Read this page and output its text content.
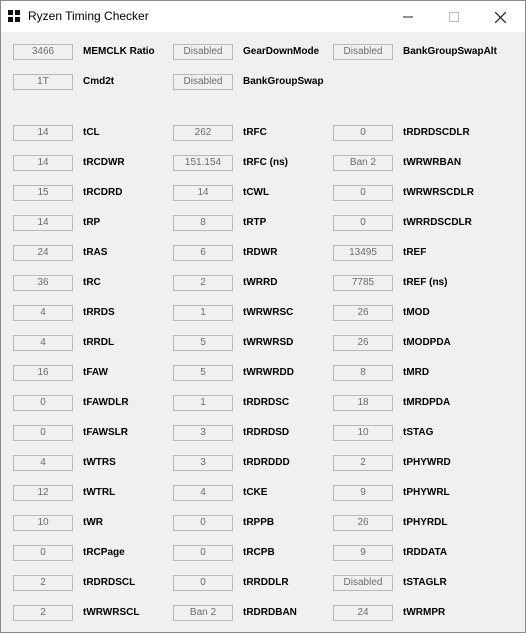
Ryzen Timing Checker
3466	MEMCLK Ratio	Disabled	GearDownMode	Disabled	BankGroupSwapAlt
1T	Cmd2t	Disabled	BankGroupSwap
14	tCL	262	tRFC	0	tRDRDSCDLR
14	tRCDWR	151.154	tRFC (ns)	Ban 2	tWRWRBAN
15	tRCDRD	14	tCWL	0	tWRWRSCDLR
14	tRP	8	tRTP	0	tWRRDSCDLR
24	tRAS	6	tRDWR	13495	tREF
36	tRC	2	tWRRD	7785	tREF (ns)
4	tRRDS	1	tWRWRSC	26	tMOD
4	tRRDL	5	tWRWRSD	26	tMODPDA
16	tFAW	5	tWRWRDD	8	tMRD
0	tFAWDLR	1	tRDRDSC	18	tMRDPDA
0	tFAWSLR	3	tRDRDSD	10	tSTAG
4	tWTRS	3	tRDRDDD	2	tPHYWRD
12	tWTRL	4	tCKE	9	tPHYWRL
10	tWR	0	tRPPB	26	tPHYRDL
0	tRCPage	0	tRCPB	9	tRDDATA
2	tRDRDSCL	0	tRRDDLR	Disabled	tSTAGLR
2	tWRWRSCL	Ban 2	tRDRDBAN	24	tWRMPR
